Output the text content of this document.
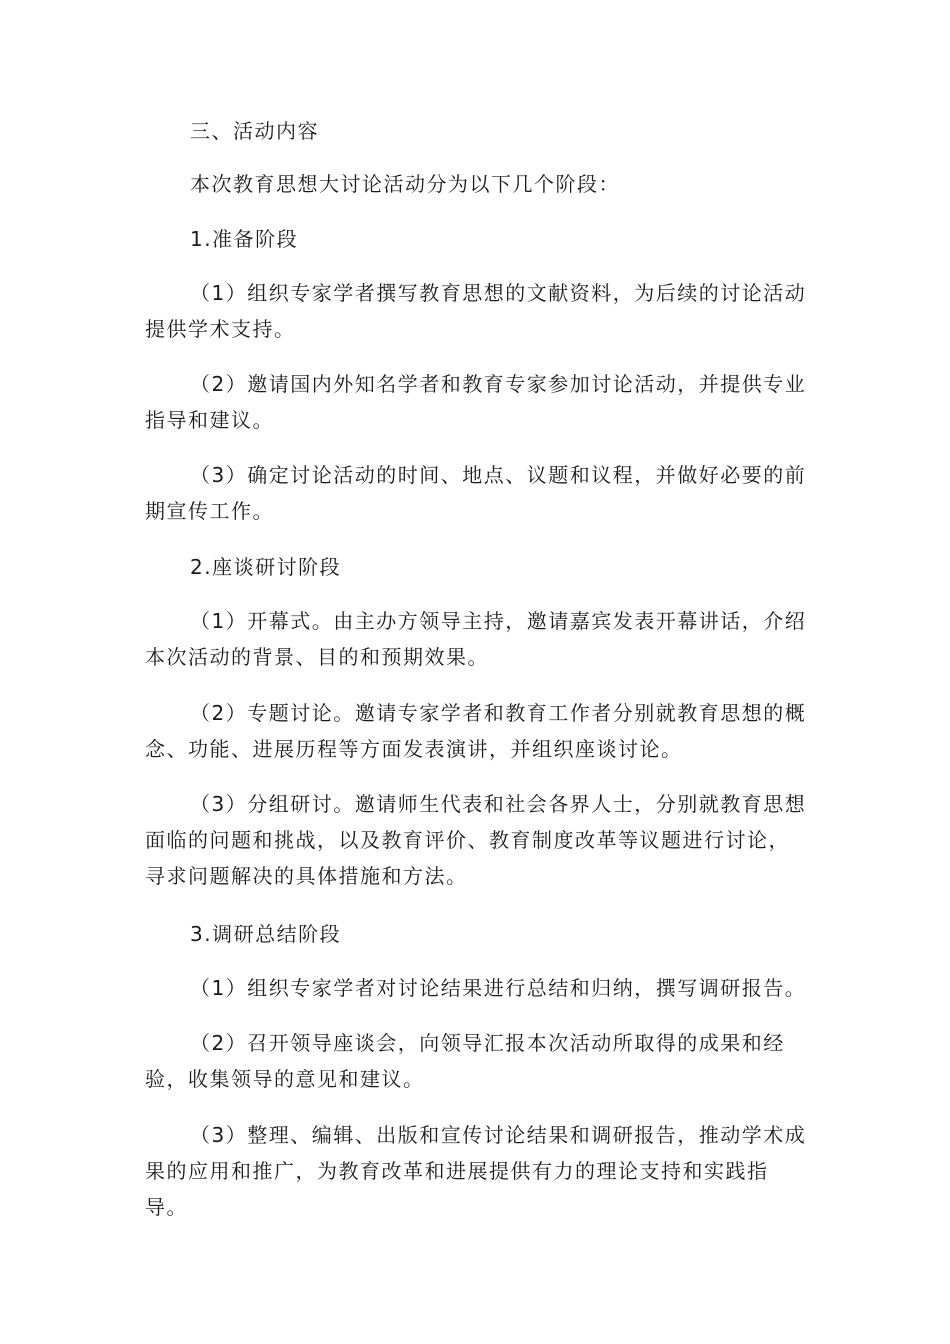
三、活动内容

本次教育思想大讨论活动分为以下几个阶段：

1.准备阶段

（1）组织专家学者撰写教育思想的文献资料，为后续的讨论活动提供学术支持。

（2）邀请国内外知名学者和教育专家参加讨论活动，并提供专业指导和建议。

（3）确定讨论活动的时间、地点、议题和议程，并做好必要的前期宣传工作。

2.座谈研讨阶段

（1）开幕式。由主办方领导主持，邀请嘉宾发表开幕讲话，介绍本次活动的背景、目的和预期效果。

（2）专题讨论。邀请专家学者和教育工作者分别就教育思想的概念、功能、进展历程等方面发表演讲，并组织座谈讨论。

（3）分组研讨。邀请师生代表和社会各界人士，分别就教育思想面临的问题和挑战，以及教育评价、教育制度改革等议题进行讨论，寻求问题解决的具体措施和方法。

3.调研总结阶段

（1）组织专家学者对讨论结果进行总结和归纳，撰写调研报告。

（2）召开领导座谈会，向领导汇报本次活动所取得的成果和经验，收集领导的意见和建议。

（3）整理、编辑、出版和宣传讨论结果和调研报告，推动学术成果的应用和推广，为教育改革和进展提供有力的理论支持和实践指导。
